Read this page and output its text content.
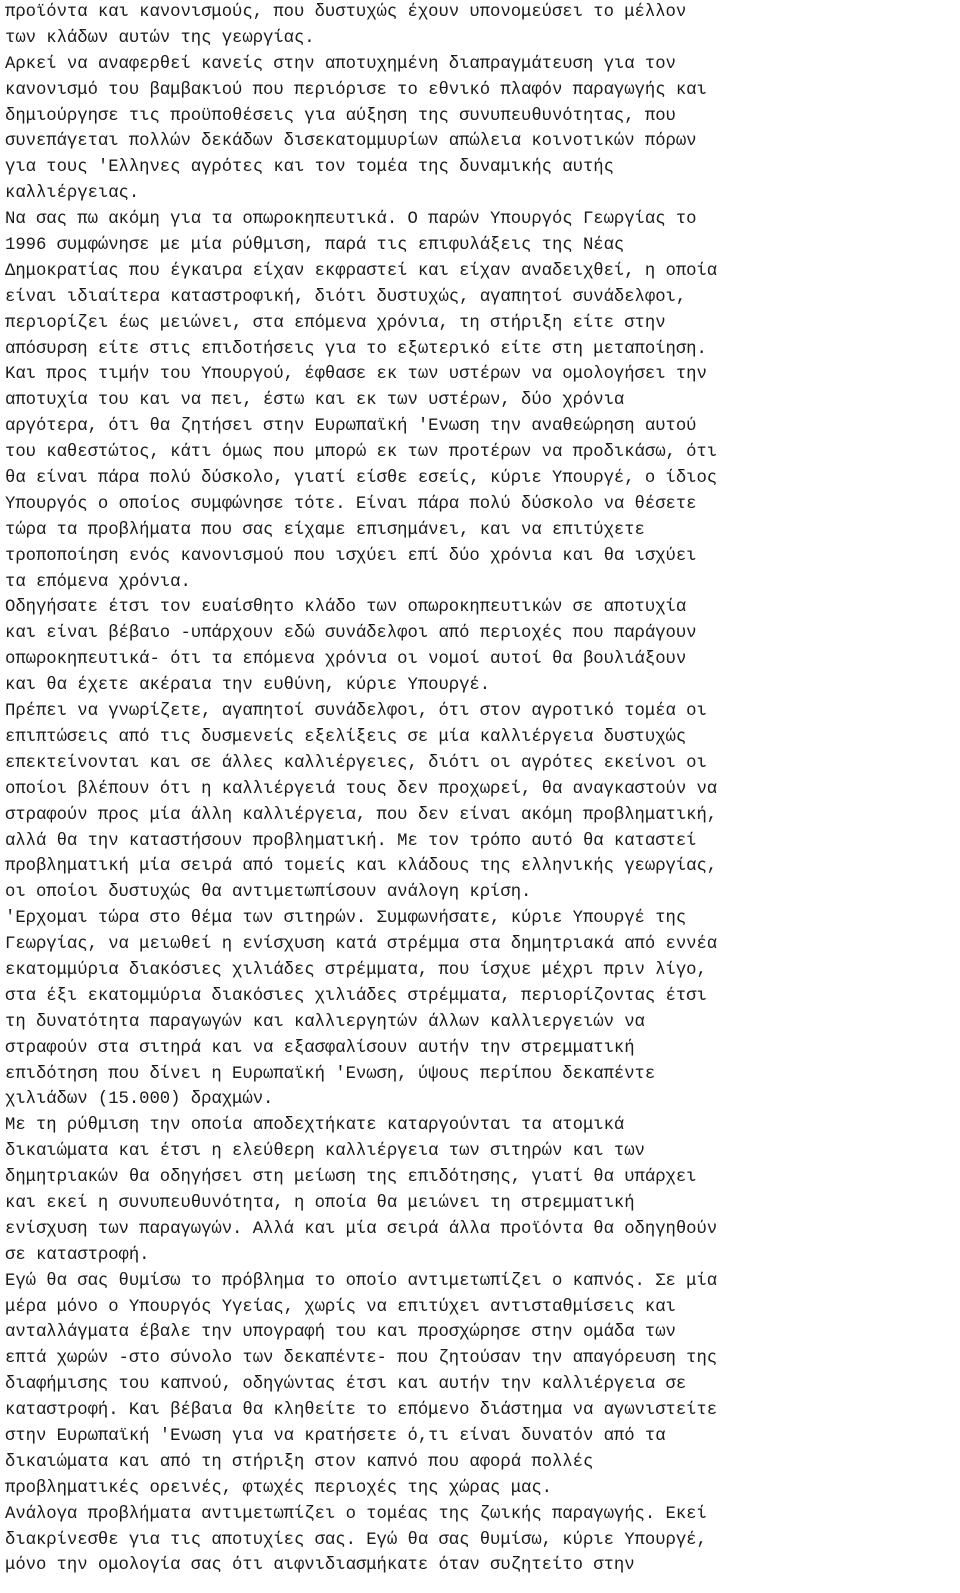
προϊόντα και κανονισμούς, που δυστυχώς έχουν υπονομεύσει το μέλλον
των κλάδων αυτών της γεωργίας.
Αρκεί να αναφερθεί κανείς στην αποτυχημένη διαπραγμάτευση για τον
κανονισμό του βαμβακιού που περιόρισε το εθνικό πλαφόν παραγωγής και
δημιούργησε τις προϋποθέσεις για αύξηση της συνυπευθυνότητας, που
συνεπάγεται πολλών δεκάδων δισεκατομμυρίων απώλεια κοινοτικών πόρων
για τους 'Ελληνες αγρότες και τον τομέα της δυναμικής αυτής
καλλιέργειας.
Να σας πω ακόμη για τα οπωροκηπευτικά. Ο παρών Υπουργός Γεωργίας το
1996 συμφώνησε με μία ρύθμιση, παρά τις επιφυλάξεις της Νέας
Δημοκρατίας που έγκαιρα είχαν εκφραστεί και είχαν αναδειχθεί, η οποία
είναι ιδιαίτερα καταστροφική, διότι δυστυχώς, αγαπητοί συνάδελφοι,
περιορίζει έως μειώνει, στα επόμενα χρόνια, τη στήριξη είτε στην
απόσυρση είτε στις επιδοτήσεις για το εξωτερικό είτε στη μεταποίηση.
Και προς τιμήν του Υπουργού, έφθασε εκ των υστέρων να ομολογήσει την
αποτυχία του και να πει, έστω και εκ των υστέρων, δύο χρόνια
αργότερα, ότι θα ζητήσει στην Ευρωπαϊκή 'Ενωση την αναθεώρηση αυτού
του καθεστώτος, κάτι όμως που μπορώ εκ των προτέρων να προδικάσω, ότι
θα είναι πάρα πολύ δύσκολο, γιατί είσθε εσείς, κύριε Υπουργέ, ο ίδιος
Υπουργός ο οποίος συμφώνησε τότε. Είναι πάρα πολύ δύσκολο να θέσετε
τώρα τα προβλήματα που σας είχαμε επισημάνει, και να επιτύχετε
τροποποίηση ενός κανονισμού που ισχύει επί δύο χρόνια και θα ισχύει
τα επόμενα χρόνια.
Οδηγήσατε έτσι τον ευαίσθητο κλάδο των οπωροκηπευτικών σε αποτυχία
και είναι βέβαιο -υπάρχουν εδώ συνάδελφοι από περιοχές που παράγουν
οπωροκηπευτικά- ότι τα επόμενα χρόνια οι νομοί αυτοί θα βουλιάξουν
και θα έχετε ακέραια την ευθύνη, κύριε Υπουργέ.
Πρέπει να γνωρίζετε, αγαπητοί συνάδελφοι, ότι στον αγροτικό τομέα οι
επιπτώσεις από τις δυσμενείς εξελίξεις σε μία καλλιέργεια δυστυχώς
επεκτείνονται και σε άλλες καλλιέργειες, διότι οι αγρότες εκείνοι οι
οποίοι βλέπουν ότι η καλλιέργειά τους δεν προχωρεί, θα αναγκαστούν να
στραφούν προς μία άλλη καλλιέργεια, που δεν είναι ακόμη προβληματική,
αλλά θα την καταστήσουν προβληματική. Με τον τρόπο αυτό θα καταστεί
προβληματική μία σειρά από τομείς και κλάδους της ελληνικής γεωργίας,
οι οποίοι δυστυχώς θα αντιμετωπίσουν ανάλογη κρίση.
'Ερχομαι τώρα στο θέμα των σιτηρών. Συμφωνήσατε, κύριε Υπουργέ της
Γεωργίας, να μειωθεί η ενίσχυση κατά στρέμμα στα δημητριακά από εννέα
εκατομμύρια διακόσιες χιλιάδες στρέμματα, που ίσχυε μέχρι πριν λίγο,
στα έξι εκατομμύρια διακόσιες χιλιάδες στρέμματα, περιορίζοντας έτσι
τη δυνατότητα παραγωγών και καλλιεργητών άλλων καλλιεργειών να
στραφούν στα σιτηρά και να εξασφαλίσουν αυτήν την στρεμματική
επιδότηση που δίνει η Ευρωπαϊκή 'Ενωση, ύψους περίπου δεκαπέντε
χιλιάδων (15.000) δραχμών.
Με τη ρύθμιση την οποία αποδεχτήκατε καταργούνται τα ατομικά
δικαιώματα και έτσι η ελεύθερη καλλιέργεια των σιτηρών και των
δημητριακών θα οδηγήσει στη μείωση της επιδότησης, γιατί θα υπάρχει
και εκεί η συνυπευθυνότητα, η οποία θα μειώνει τη στρεμματική
ενίσχυση των παραγωγών. Αλλά και μία σειρά άλλα προϊόντα θα οδηγηθούν
σε καταστροφή.
Εγώ θα σας θυμίσω το πρόβλημα το οποίο αντιμετωπίζει ο καπνός. Σε μία
μέρα μόνο ο Υπουργός Υγείας, χωρίς να επιτύχει αντισταθμίσεις και
ανταλλάγματα έβαλε την υπογραφή του και προσχώρησε στην ομάδα των
επτά χωρών -στο σύνολο των δεκαπέντε- που ζητούσαν την απαγόρευση της
διαφήμισης του καπνού, οδηγώντας έτσι και αυτήν την καλλιέργεια σε
καταστροφή. Και βέβαια θα κληθείτε το επόμενο διάστημα να αγωνιστείτε
στην Ευρωπαϊκή 'Ενωση για να κρατήσετε ό,τι είναι δυνατόν από τα
δικαιώματα και από τη στήριξη στον καπνό που αφορά πολλές
προβληματικές ορεινές, φτωχές περιοχές της χώρας μας.
Ανάλογα προβλήματα αντιμετωπίζει ο τομέας της ζωικής παραγωγής. Εκεί
διακρίνεσθε για τις αποτυχίες σας. Εγώ θα σας θυμίσω, κύριε Υπουργέ,
μόνο την ομολογία σας ότι αιφνιδιασμήκατε όταν συζητείτο στην
